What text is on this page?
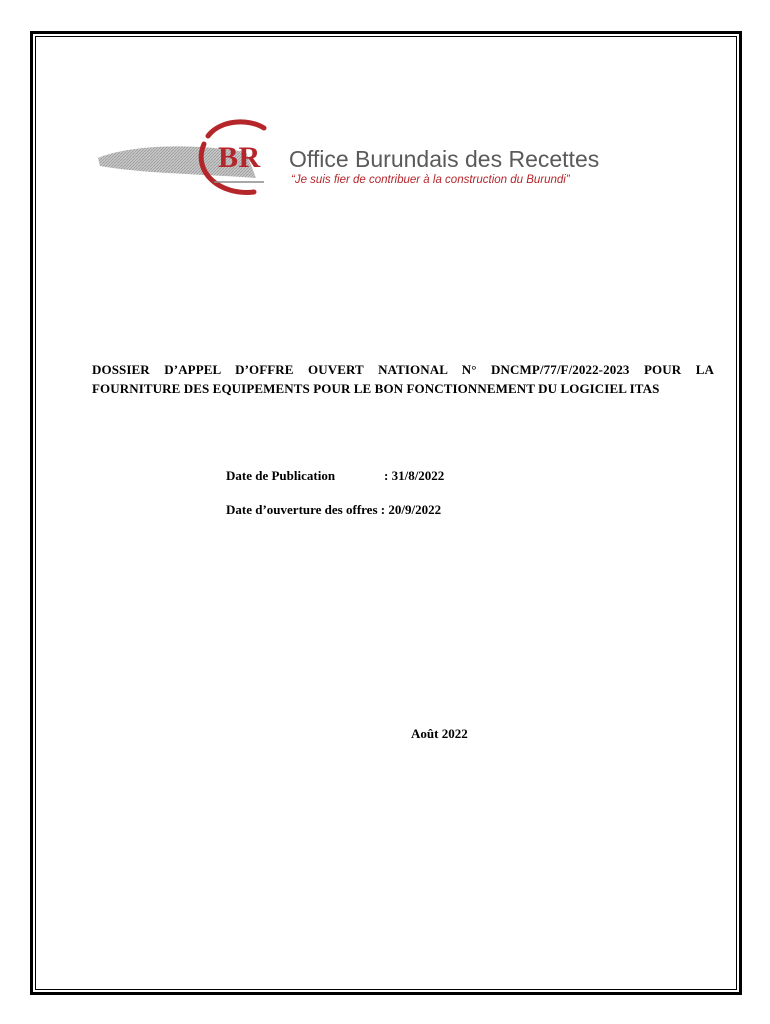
BR Office Burundais des Recettes
“Je suis fier de contribuer à la construction du Burundi”
DOSSIER D’APPEL D’OFFRE OUVERT NATIONAL N° DNCMP/77/F/2022-2023 POUR LA FOURNITURE DES EQUIPEMENTS POUR LE BON FONCTIONNEMENT DU LOGICIEL ITAS
Date de Publication	: 31/8/2022
Date d’ouverture des offres : 20/9/2022
Août 2022
